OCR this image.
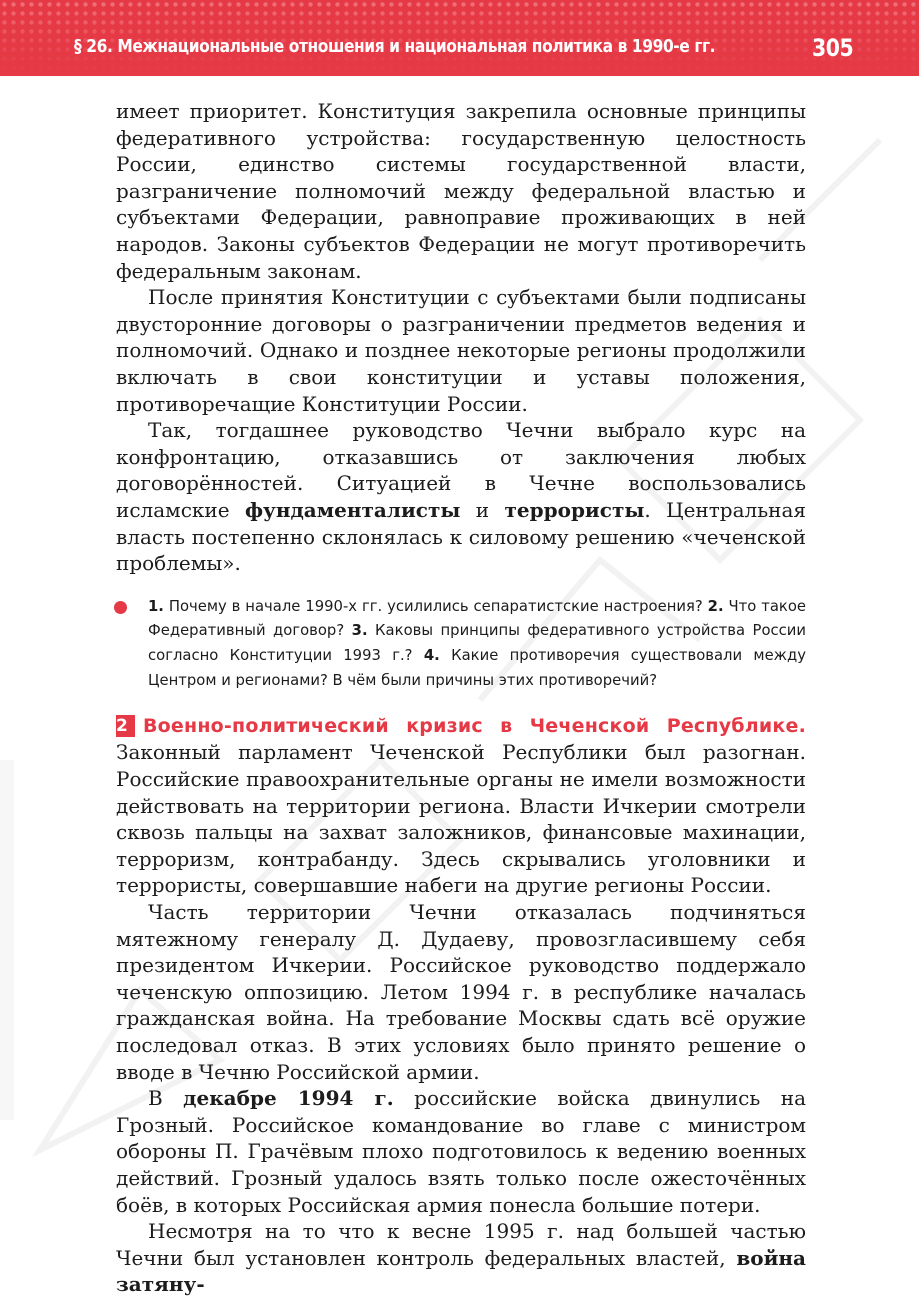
§ 26. Межнациональные отношения и национальная политика в 1990-е гг.	305

имеет приоритет. Конституция закрепила основные принципы федеративного устройства: государственную целостность России, единство системы государственной власти, разграничение полномочий между федеральной властью и субъектами Федерации, равноправие проживающих в ней народов. Законы субъектов Федерации не могут противоречить федеральным законам.

После принятия Конституции с субъектами были подписаны двусторонние договоры о разграничении предметов ведения и полномочий. Однако и позднее некоторые регионы продолжили включать в свои конституции и уставы положения, противоречащие Конституции России.

Так, тогдашнее руководство Чечни выбрало курс на конфронтацию, отказавшись от заключения любых договорённостей. Ситуацией в Чечне воспользовались исламские фундаменталисты и террористы. Центральная власть постепенно склонялась к силовому решению «чеченской проблемы».

1. Почему в начале 1990-х гг. усилились сепаратистские настроения? 2. Что такое Федеративный договор? 3. Каковы принципы федеративного устройства России согласно Конституции 1993 г.? 4. Какие противоречия существовали между Центром и регионами? В чём были причины этих противоречий?

2 Военно-политический кризис в Чеченской Республике. Законный парламент Чеченской Республики был разогнан. Российские правоохранительные органы не имели возможности действовать на территории региона. Власти Ичкерии смотрели сквозь пальцы на захват заложников, финансовые махинации, терроризм, контрабанду. Здесь скрывались уголовники и террористы, совершавшие набеги на другие регионы России.

Часть территории Чечни отказалась подчиняться мятежному генералу Д. Дудаеву, провозгласившему себя президентом Ичкерии. Российское руководство поддержало чеченскую оппозицию. Летом 1994 г. в республике началась гражданская война. На требование Москвы сдать всё оружие последовал отказ. В этих условиях было принято решение о вводе в Чечню Российской армии.

В декабре 1994 г. российские войска двинулись на Грозный. Российское командование во главе с министром обороны П. Грачёвым плохо подготовилось к ведению военных действий. Грозный удалось взять только после ожесточённых боёв, в которых Российская армия понесла большие потери.

Несмотря на то что к весне 1995 г. над большей частью Чечни был установлен контроль федеральных властей, война затяну-
